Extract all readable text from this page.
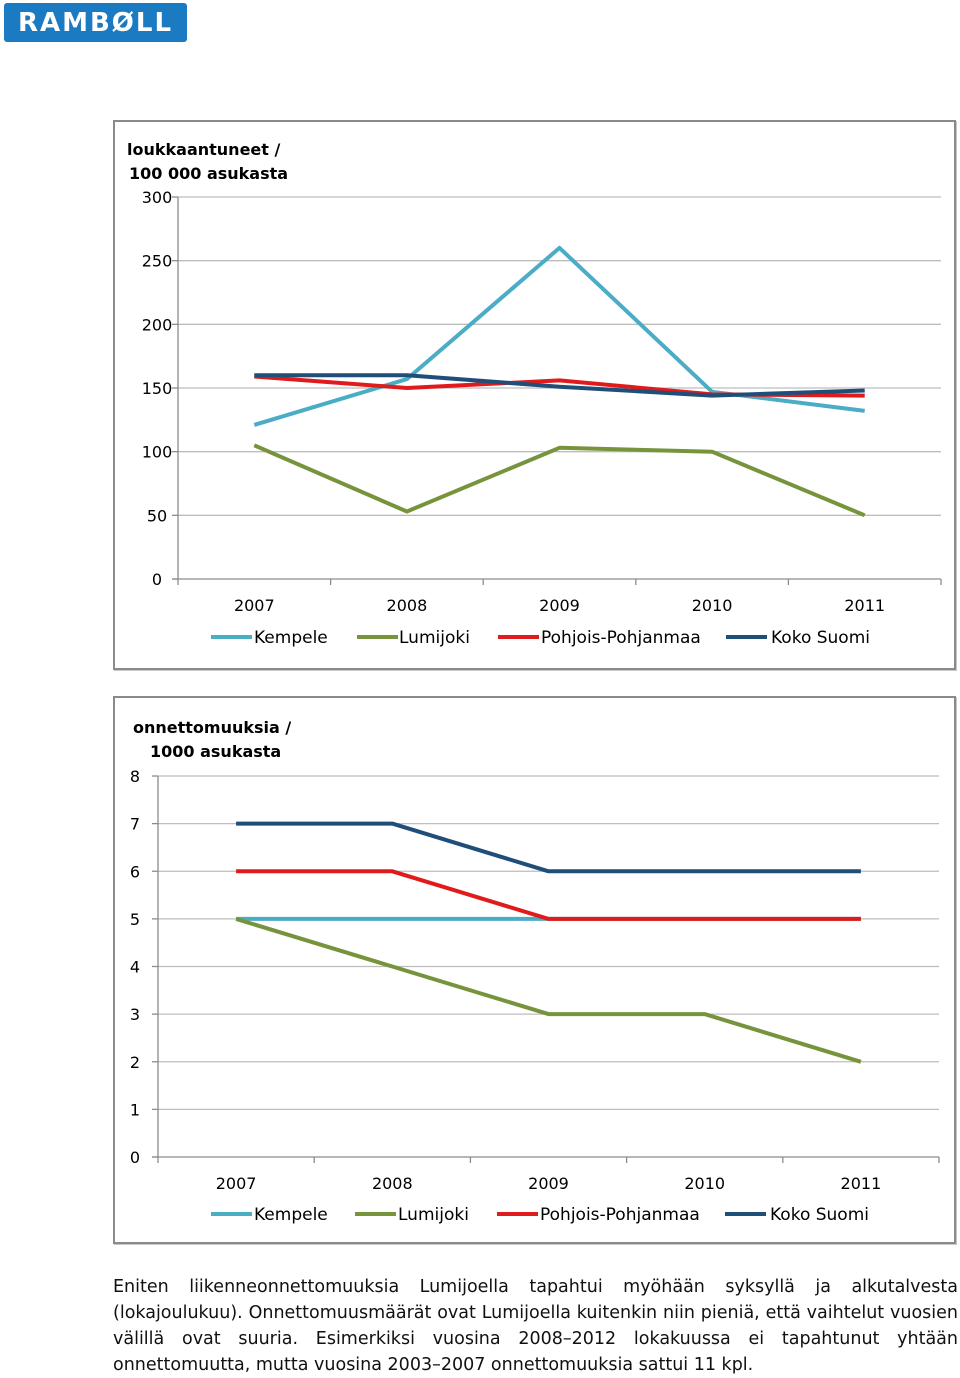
RAMBØLL
loukkaantuneet /
100 000 asukasta
0
50
100
150
200
250
300
2007	2008	2009	2010	2011
Kempele	Lumijoki	Pohjois-Pohjanmaa	Koko Suomi
onnettomuuksia /
1000 asukasta
0
1
2
3
4
5
6
7
8
2007	2008	2009	2010	2011
Kempele	Lumijoki	Pohjois-Pohjanmaa	Koko Suomi

Eniten liikenneonnettomuuksia Lumijoella tapahtui myöhään syksyllä ja alkutalvesta (lokajoulukuu). Onnettomuusmäärät ovat Lumijoella kuitenkin niin pieniä, että vaihtelut vuosien välillä ovat suuria. Esimerkiksi vuosina 2008–2012 lokakuussa ei tapahtunut yhtään onnettomuutta, mutta vuosina 2003–2007 onnettomuuksia sattui 11 kpl.
